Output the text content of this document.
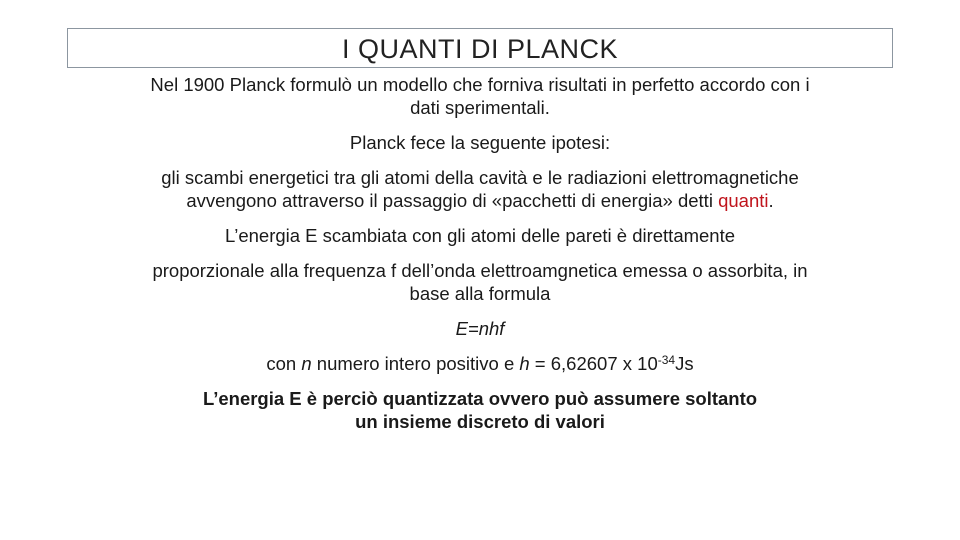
I QUANTI DI PLANCK

Nel 1900 Planck formulò un modello che forniva risultati in perfetto accordo con i
dati sperimentali.

Planck fece la seguente ipotesi:

gli scambi energetici tra gli atomi della cavità e le radiazioni elettromagnetiche
avvengono attraverso il passaggio di «pacchetti di energia» detti quanti.

L’energia E scambiata con gli atomi delle pareti è direttamente

proporzionale alla frequenza f dell’onda elettroamgnetica emessa o assorbita, in
base alla formula

E=nhf

con n numero intero positivo e h = 6,62607 x $10^{-34}Js$

L’energia E è perciò quantizzata ovvero può assumere soltanto
un insieme discreto di valori
